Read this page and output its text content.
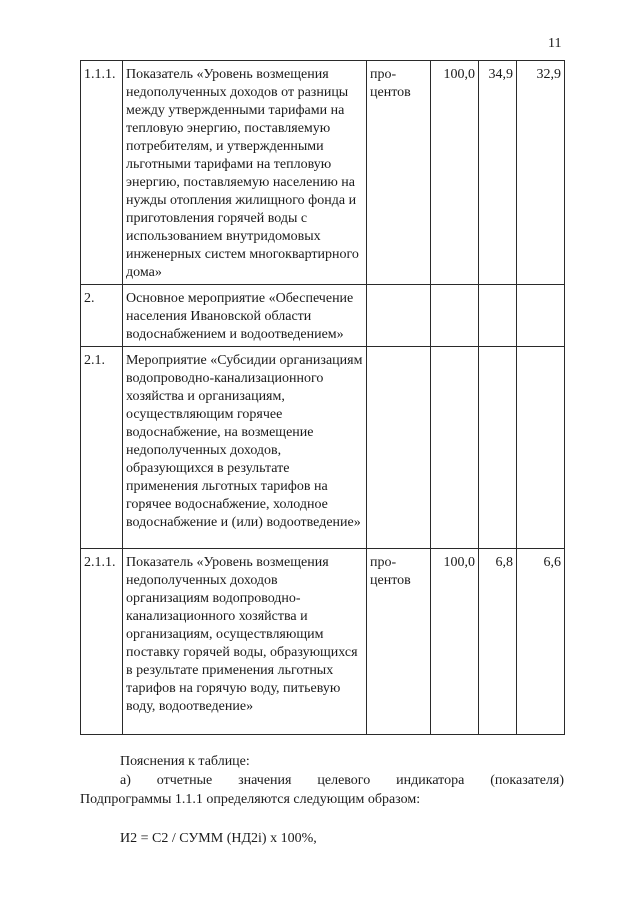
11
1.1.1.	Показатель «Уровень возмещения недополученных доходов от разницы между утвержденными тарифами на тепловую энергию, поставляемую потребителям, и утвержденными льготными тарифами на тепловую энергию, поставляемую населению на нужды отопления жилищного фонда и приготовления горячей воды с использованием внутридомовых инженерных систем многоквартирного дома»	про-
центов	100,0	34,9	32,9
2.	Основное мероприятие «Обеспечение населения Ивановской области водоснабжением и водоотведением»				
2.1.	Мероприятие «Субсидии организациям водопроводно-канализационного хозяйства и организациям, осуществляющим горячее водоснабжение, на возмещение недополученных доходов, образующихся в результате применения льготных тарифов на горячее водоснабжение, холодное водоснабжение и (или) водоотведение»				
2.1.1.	Показатель «Уровень возмещения недополученных доходов организациям водопроводно-канализационного хозяйства и организациям, осуществляющим поставку горячей воды, образующихся в результате применения льготных тарифов на горячую воду, питьевую воду, водоотведение»	про-
центов	100,0	6,8	6,6
Пояснения к таблице:
а) отчетные значения целевого индикатора (показателя)
Подпрограммы 1.1.1 определяются следующим образом:
И2 = С2 / СУММ (НД2i) х 100%,
